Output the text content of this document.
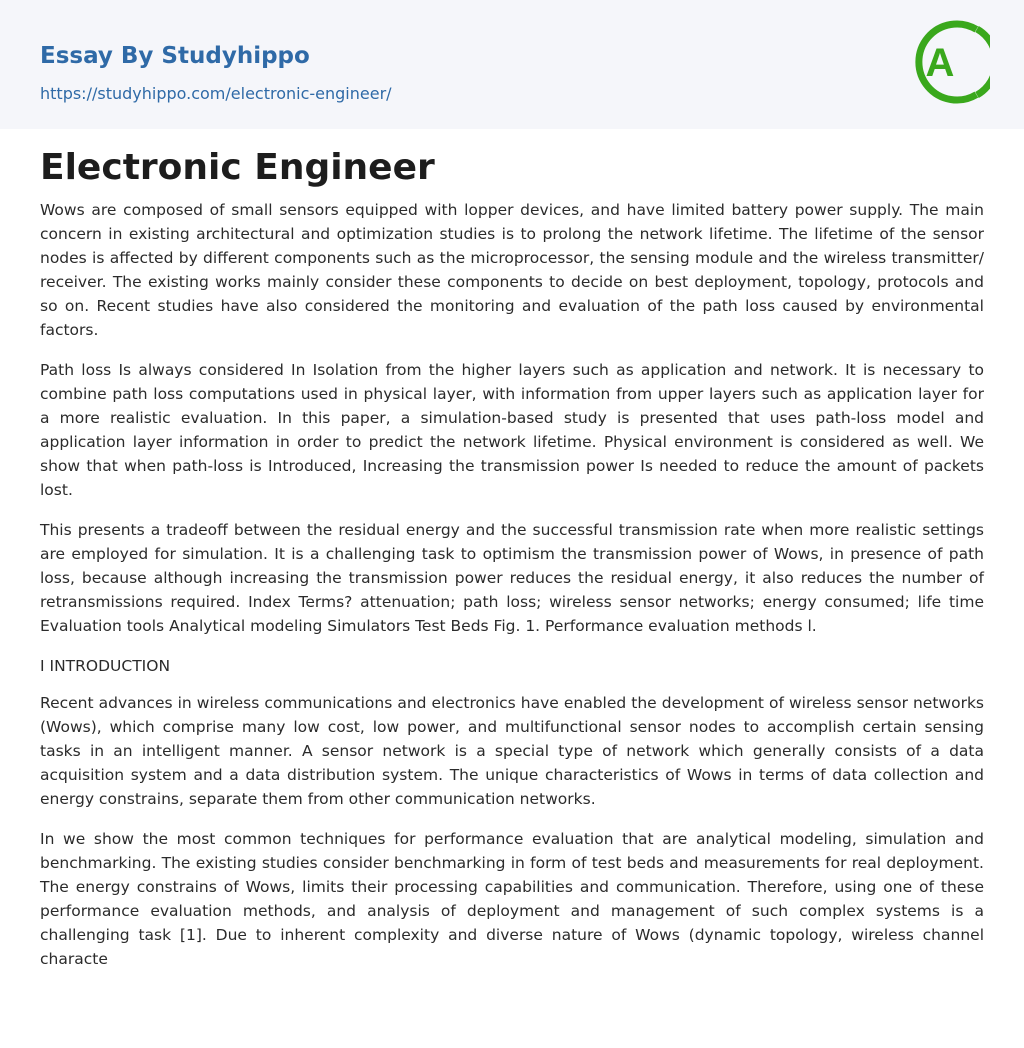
Essay By Studyhippo
https://studyhippo.com/electronic-engineer/
A
Electronic Engineer

Wows are composed of small sensors equipped with lopper devices, and have limited battery power supply. The main concern in existing architectural and optimization studies is to prolong the network lifetime. The lifetime of the sensor nodes is affected by different components such as the microprocessor, the sensing module and the wireless transmitter/ receiver. The existing works mainly consider these components to decide on best deployment, topology, protocols and so on. Recent studies have also considered the monitoring and evaluation of the path loss caused by environmental factors.

Path loss Is always considered In Isolation from the higher layers such as application and network. It is necessary to combine path loss computations used in physical layer, with information from upper layers such as application layer for a more realistic evaluation. In this paper, a simulation-based study is presented that uses path-loss model and application layer information in order to predict the network lifetime. Physical environment is considered as well. We show that when path-loss is Introduced, Increasing the transmission power Is needed to reduce the amount of packets lost.

This presents a tradeoff between the residual energy and the successful transmission rate when more realistic settings are employed for simulation. It is a challenging task to optimism the transmission power of Wows, in presence of path loss, because although increasing the transmission power reduces the residual energy, it also reduces the number of retransmissions required. Index Terms? attenuation; path loss; wireless sensor networks; energy consumed; life time Evaluation tools Analytical modeling Simulators Test Beds Fig. 1. Performance evaluation methods l.

I INTRODUCTION

Recent advances in wireless communications and electronics have enabled the development of wireless sensor networks (Wows), which comprise many low cost, low power, and multifunctional sensor nodes to accomplish certain sensing tasks in an intelligent manner. A sensor network is a special type of network which generally consists of a data acquisition system and a data distribution system. The unique characteristics of Wows in terms of data collection and energy constrains, separate them from other communication networks.

In we show the most common techniques for performance evaluation that are analytical modeling, simulation and benchmarking. The existing studies consider benchmarking in form of test beds and measurements for real deployment. The energy constrains of Wows, limits their processing capabilities and communication. Therefore, using one of these performance evaluation methods, and analysis of deployment and management of such complex systems is a challenging task [1]. Due to inherent complexity and diverse nature of Wows (dynamic topology, wireless channel characte
